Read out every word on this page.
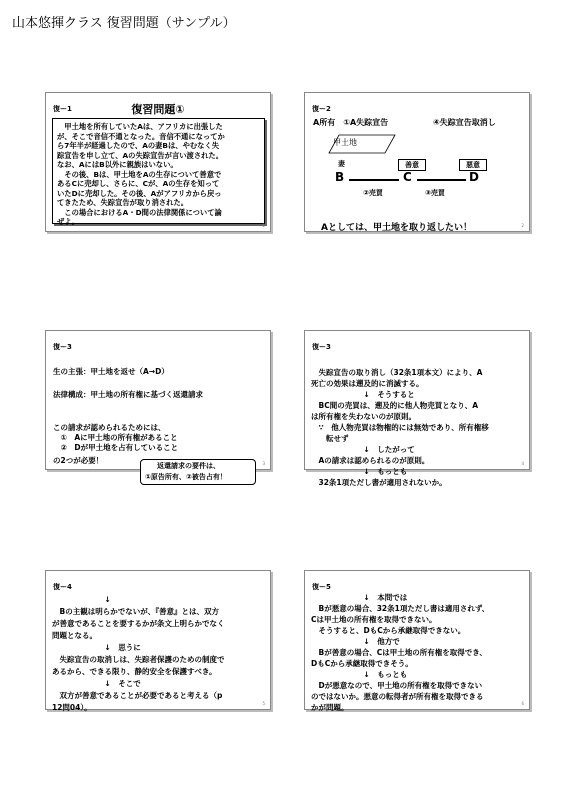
山本悠揮クラス 復習問題（サンプル）
復ー1	復習問題①
　甲土地を所有していたAは、アフリカに出張した
が、そこで音信不通となった。音信不通になってか
ら7年半が経過したので、Aの妻Bは、やむなく失
踪宣告を申し立て、Aの失踪宣告が言い渡された。
なお、AにはB以外に親族はいない。
　その後、Bは、甲土地をAの生存について善意で
あるCに売却し、さらに、Cが、Aの生存を知って
いたDに売却した。その後、Aがアフリカから戻っ
てきたため、失踪宣告が取り消された。
　この場合におけるA・D間の法律関係について論
ぜよ。	1
復ー2
A所有　①A失踪宣告	④失踪宣告取消し
甲土地
妻	善意	悪意
B	C	D
②売買	③売買
Aとしては、甲土地を取り返したい！	2
復ー3
生の主張：甲土地を返せ（A→D）
法律構成：甲土地の所有権に基づく返還請求
この請求が認められるためには、
　①　Aに甲土地の所有権があること
　②　Dが甲土地を占有していること
の2つが必要！
返還請求の要件は、
①原告所有、②被告占有！
3
復ー3
　失踪宣告の取り消し（32条1項本文）により、A
死亡の効果は遡及的に消滅する。
　　　　　　　↓　そうすると
　BC間の売買は、遡及的に他人物売買となり、A
は所有権を失わないのが原則。
　∵　他人物売買は物権的には無効であり、所有権移
　　転せず
　　　　　　　↓　したがって
　Aの請求は認められるのが原則。
　　　　　　　↓　もっとも
　32条1項ただし書が適用されないか。
4
復ー4
　　　　　　　↓
　Bの主観は明らかでないが、『善意』とは、双方
が善意であることを要するかが条文上明らかでなく
問題となる。
　　　　　　　↓　思うに
　失踪宣告の取消しは、失踪者保護のための制度で
あるから、できる限り、静的安全を保護すべき。
　　　　　　　↓　そこで
　双方が善意であることが必要であると考える（p
12問04）。	5
復ー5
　　　　　　　↓　本問では
　Bが悪意の場合、32条1項ただし書は適用されず、
Cは甲土地の所有権を取得できない。
　そうすると、DもCから承継取得できない。
　　　　　　　↓　他方で
　Bが善意の場合、Cは甲土地の所有権を取得でき、
DもCから承継取得できそう。
　　　　　　　↓　もっとも
　Dが悪意なので、甲土地の所有権を取得できない
のではないか。悪意の転得者が所有権を取得できる
かが問題。	6
